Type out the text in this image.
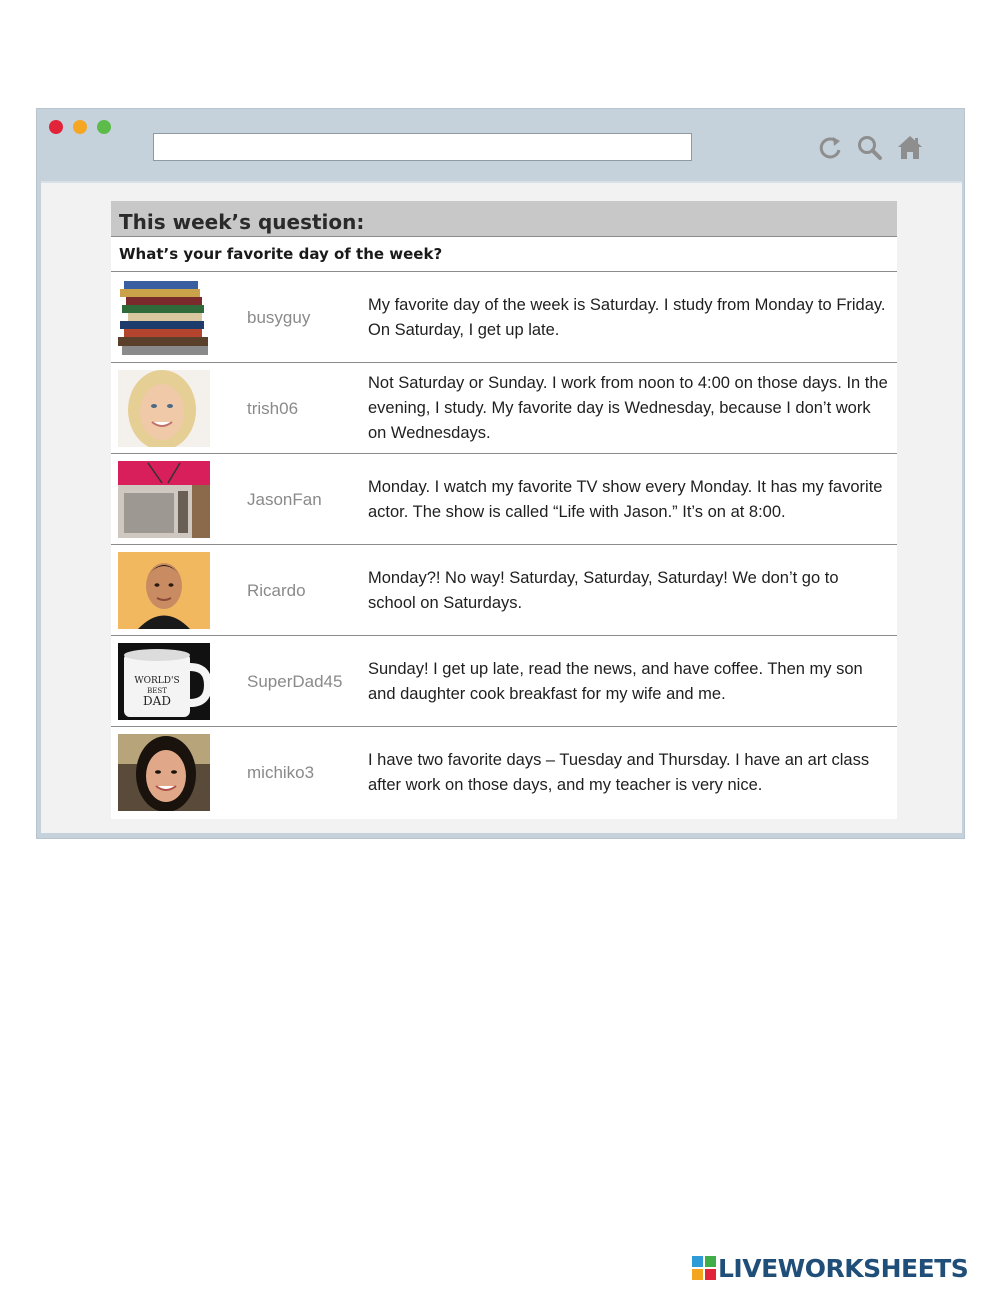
This week’s question:
What’s your favorite day of the week?
busyguy
My favorite day of the week is Saturday. I study from Monday to Friday. On Saturday, I get up late.
trish06
Not Saturday or Sunday. I work from noon to 4:00 on those days. In the evening, I study. My favorite day is Wednesday, because I don’t work on Wednesdays.
JasonFan
Monday. I watch my favorite TV show every Monday. It has my favorite actor. The show is called “Life with Jason.” It’s on at 8:00.
Ricardo
Monday?! No way! Saturday, Saturday, Saturday! We don’t go to school on Saturdays.
WORLD'S
BEST
DAD
SuperDad45
Sunday! I get up late, read the news, and have coffee. Then my son and daughter cook breakfast for my wife and me.
michiko3
I have two favorite days – Tuesday and Thursday. I have an art class after work on those days, and my teacher is very nice.
LIVEWORKSHEETS
